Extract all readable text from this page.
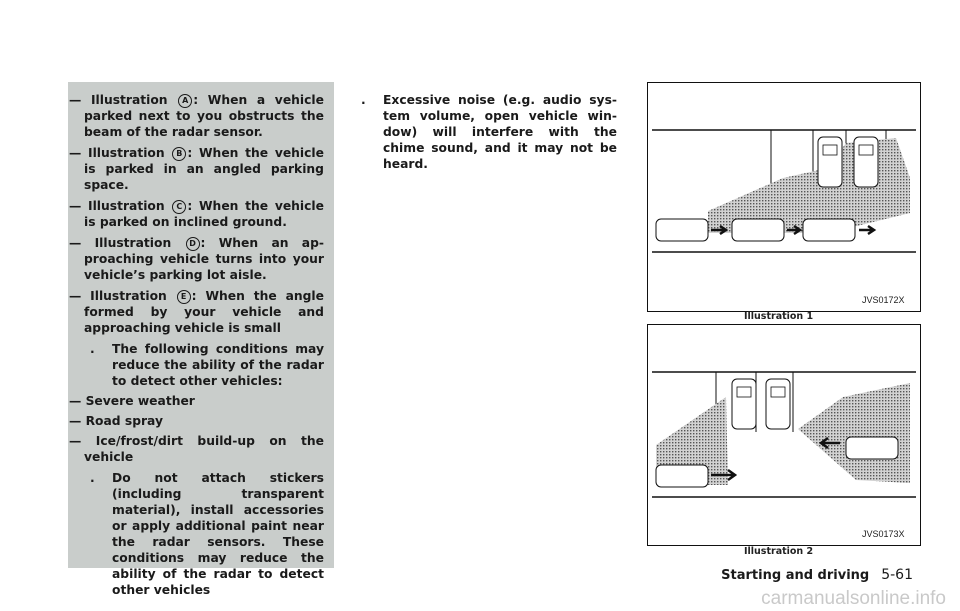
— Illustration A : When a vehicle parked next to you obstructs the beam of the radar sensor.

— Illustration B : When the vehicle is parked in an angled parking space.

— Illustration C : When the vehicle is parked on inclined ground.

— Illustration D : When an approaching vehicle turns into your vehicle’s parking lot aisle.

— Illustration E : When the angle formed by your vehicle and approaching vehicle is small

. The following conditions may reduce the ability of the radar to detect other vehicles:

— Severe weather

— Road spray

— Ice/frost/dirt build-up on the vehicle

. Do not attach stickers (including transparent material), install accessories or apply additional paint near the radar sensors. These conditions may reduce the ability of the radar to detect other vehicles

. Excessive noise (e.g. audio system volume, open vehicle window) will interfere with the chime sound, and it may not be heard.

JVS0172X
Illustration 1
JVS0173X
Illustration 2
Starting and driving 5-61
carmanualsonline.info
